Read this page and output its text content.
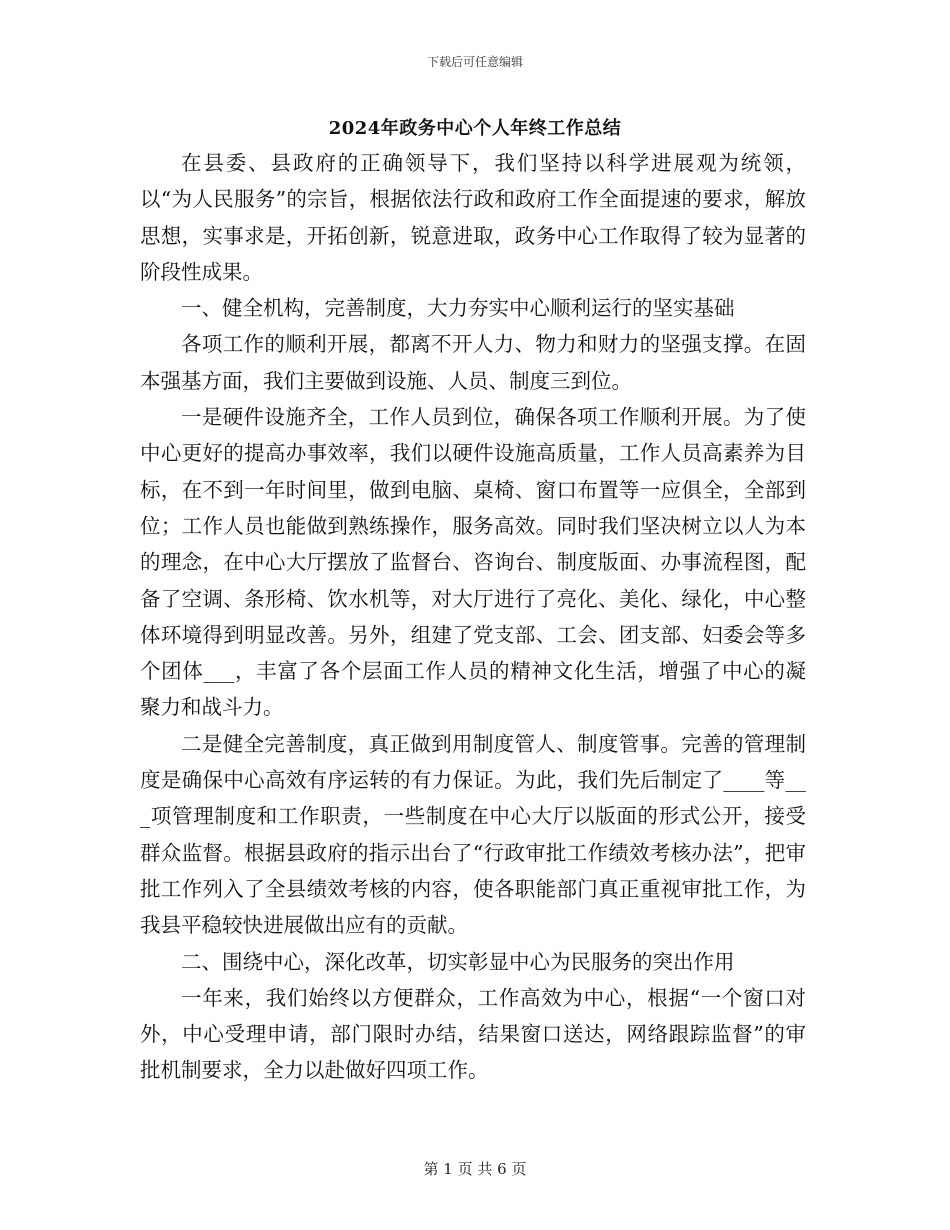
下载后可任意编辑
2024年政务中心个人年终工作总结

在县委、县政府的正确领导下，我们坚持以科学进展观为统领，以“为人民服务”的宗旨，根据依法行政和政府工作全面提速的要求，解放思想，实事求是，开拓创新，锐意进取，政务中心工作取得了较为显著的阶段性成果。

一、健全机构，完善制度，大力夯实中心顺利运行的坚实基础

各项工作的顺利开展，都离不开人力、物力和财力的坚强支撑。在固本强基方面，我们主要做到设施、人员、制度三到位。

一是硬件设施齐全，工作人员到位，确保各项工作顺利开展。为了使中心更好的提高办事效率，我们以硬件设施高质量，工作人员高素养为目标，在不到一年时间里，做到电脑、桌椅、窗口布置等一应俱全，全部到位；工作人员也能做到熟练操作，服务高效。同时我们坚决树立以人为本的理念，在中心大厅摆放了监督台、咨询台、制度版面、办事流程图，配备了空调、条形椅、饮水机等，对大厅进行了亮化、美化、绿化，中心整体环境得到明显改善。另外，组建了党支部、工会、团支部、妇委会等多个团体___，丰富了各个层面工作人员的精神文化生活，增强了中心的凝聚力和战斗力。

二是健全完善制度，真正做到用制度管人、制度管事。完善的管理制度是确保中心高效有序运转的有力保证。为此，我们先后制定了____等___项管理制度和工作职责，一些制度在中心大厅以版面的形式公开，接受群众监督。根据县政府的指示出台了“行政审批工作绩效考核办法”，把审批工作列入了全县绩效考核的内容，使各职能部门真正重视审批工作，为我县平稳较快进展做出应有的贡献。

二、围绕中心，深化改革，切实彰显中心为民服务的突出作用

一年来，我们始终以方便群众，工作高效为中心，根据“一个窗口对外，中心受理申请，部门限时办结，结果窗口送达，网络跟踪监督”的审批机制要求，全力以赴做好四项工作。

第 1 页 共 6 页
